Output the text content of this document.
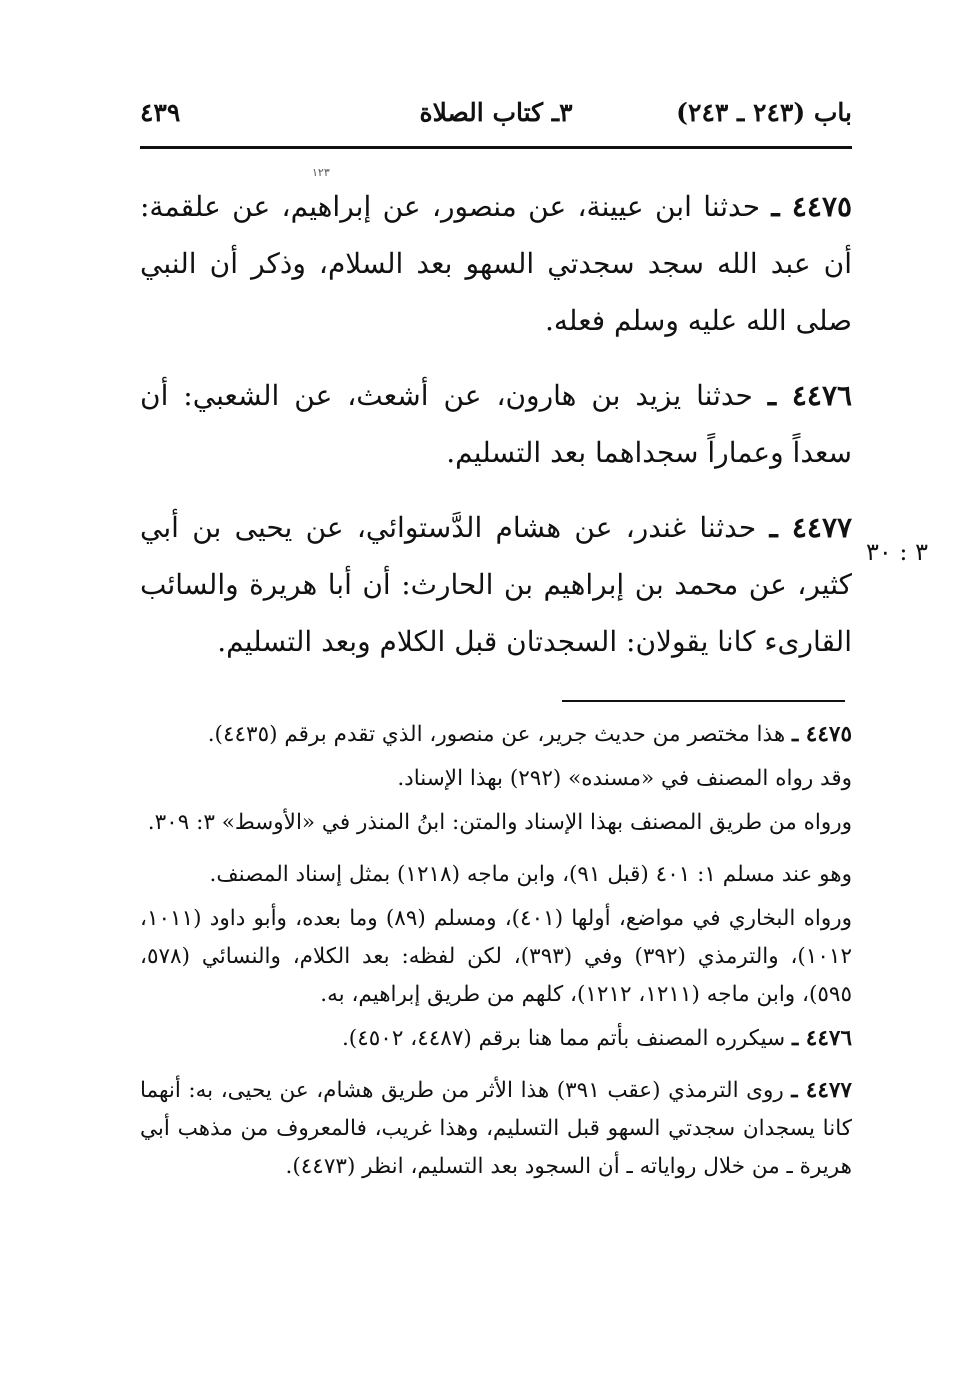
باب (٢٤٣ ـ ٢٤٣)
٣ـ كتاب الصلاة
٤٣٩
۱۲۳

٤٤٧٥ ـ حدثنا ابن عيينة، عن منصور، عن إبراهيم، عن علقمة: أن عبد الله سجد سجدتي السهو بعد السلام، وذكر أن النبي صلى الله عليه وسلم فعله.

٤٤٧٦ ـ حدثنا يزيد بن هارون، عن أشعث، عن الشعبي: أن سعداً وعماراً سجداهما بعد التسليم.

٤٤٧٧ ـ حدثنا غندر، عن هشام الدَّستوائي، عن يحيى بن أبي كثير، عن محمد بن إبراهيم بن الحارث: أن أبا هريرة والسائب القارىء كانا يقولان: السجدتان قبل الكلام وبعد التسليم.

٣ : ٣٠

٤٤٧٥ ـ هذا مختصر من حديث جرير، عن منصور، الذي تقدم برقم (٤٤٣٥).

وقد رواه المصنف في «مسنده» (٢٩٢) بهذا الإسناد.

ورواه من طريق المصنف بهذا الإسناد والمتن: ابنُ المنذر في «الأوسط» ٣: ٣٠٩.

وهو عند مسلم ١: ٤٠١ (قبل ٩١)، وابن ماجه (١٢١٨) بمثل إسناد المصنف.

ورواه البخاري في مواضع، أولها (٤٠١)، ومسلم (٨٩) وما بعده، وأبو داود (١٠١١، ١٠١٢)، والترمذي (٣٩٢) وفي (٣٩٣)، لكن لفظه: بعد الكلام، والنسائي (٥٧٨، ٥٩٥)، وابن ماجه (١٢١١، ١٢١٢)، كلهم من طريق إبراهيم، به.

٤٤٧٦ ـ سيكرره المصنف بأتم مما هنا برقم (٤٤٨٧، ٤٥٠٢).

٤٤٧٧ ـ روى الترمذي (عقب ٣٩١) هذا الأثر من طريق هشام، عن يحيى، به: أنهما كانا يسجدان سجدتي السهو قبل التسليم، وهذا غريب، فالمعروف من مذهب أبي هريرة ـ من خلال رواياته ـ أن السجود بعد التسليم، انظر (٤٤٧٣).
